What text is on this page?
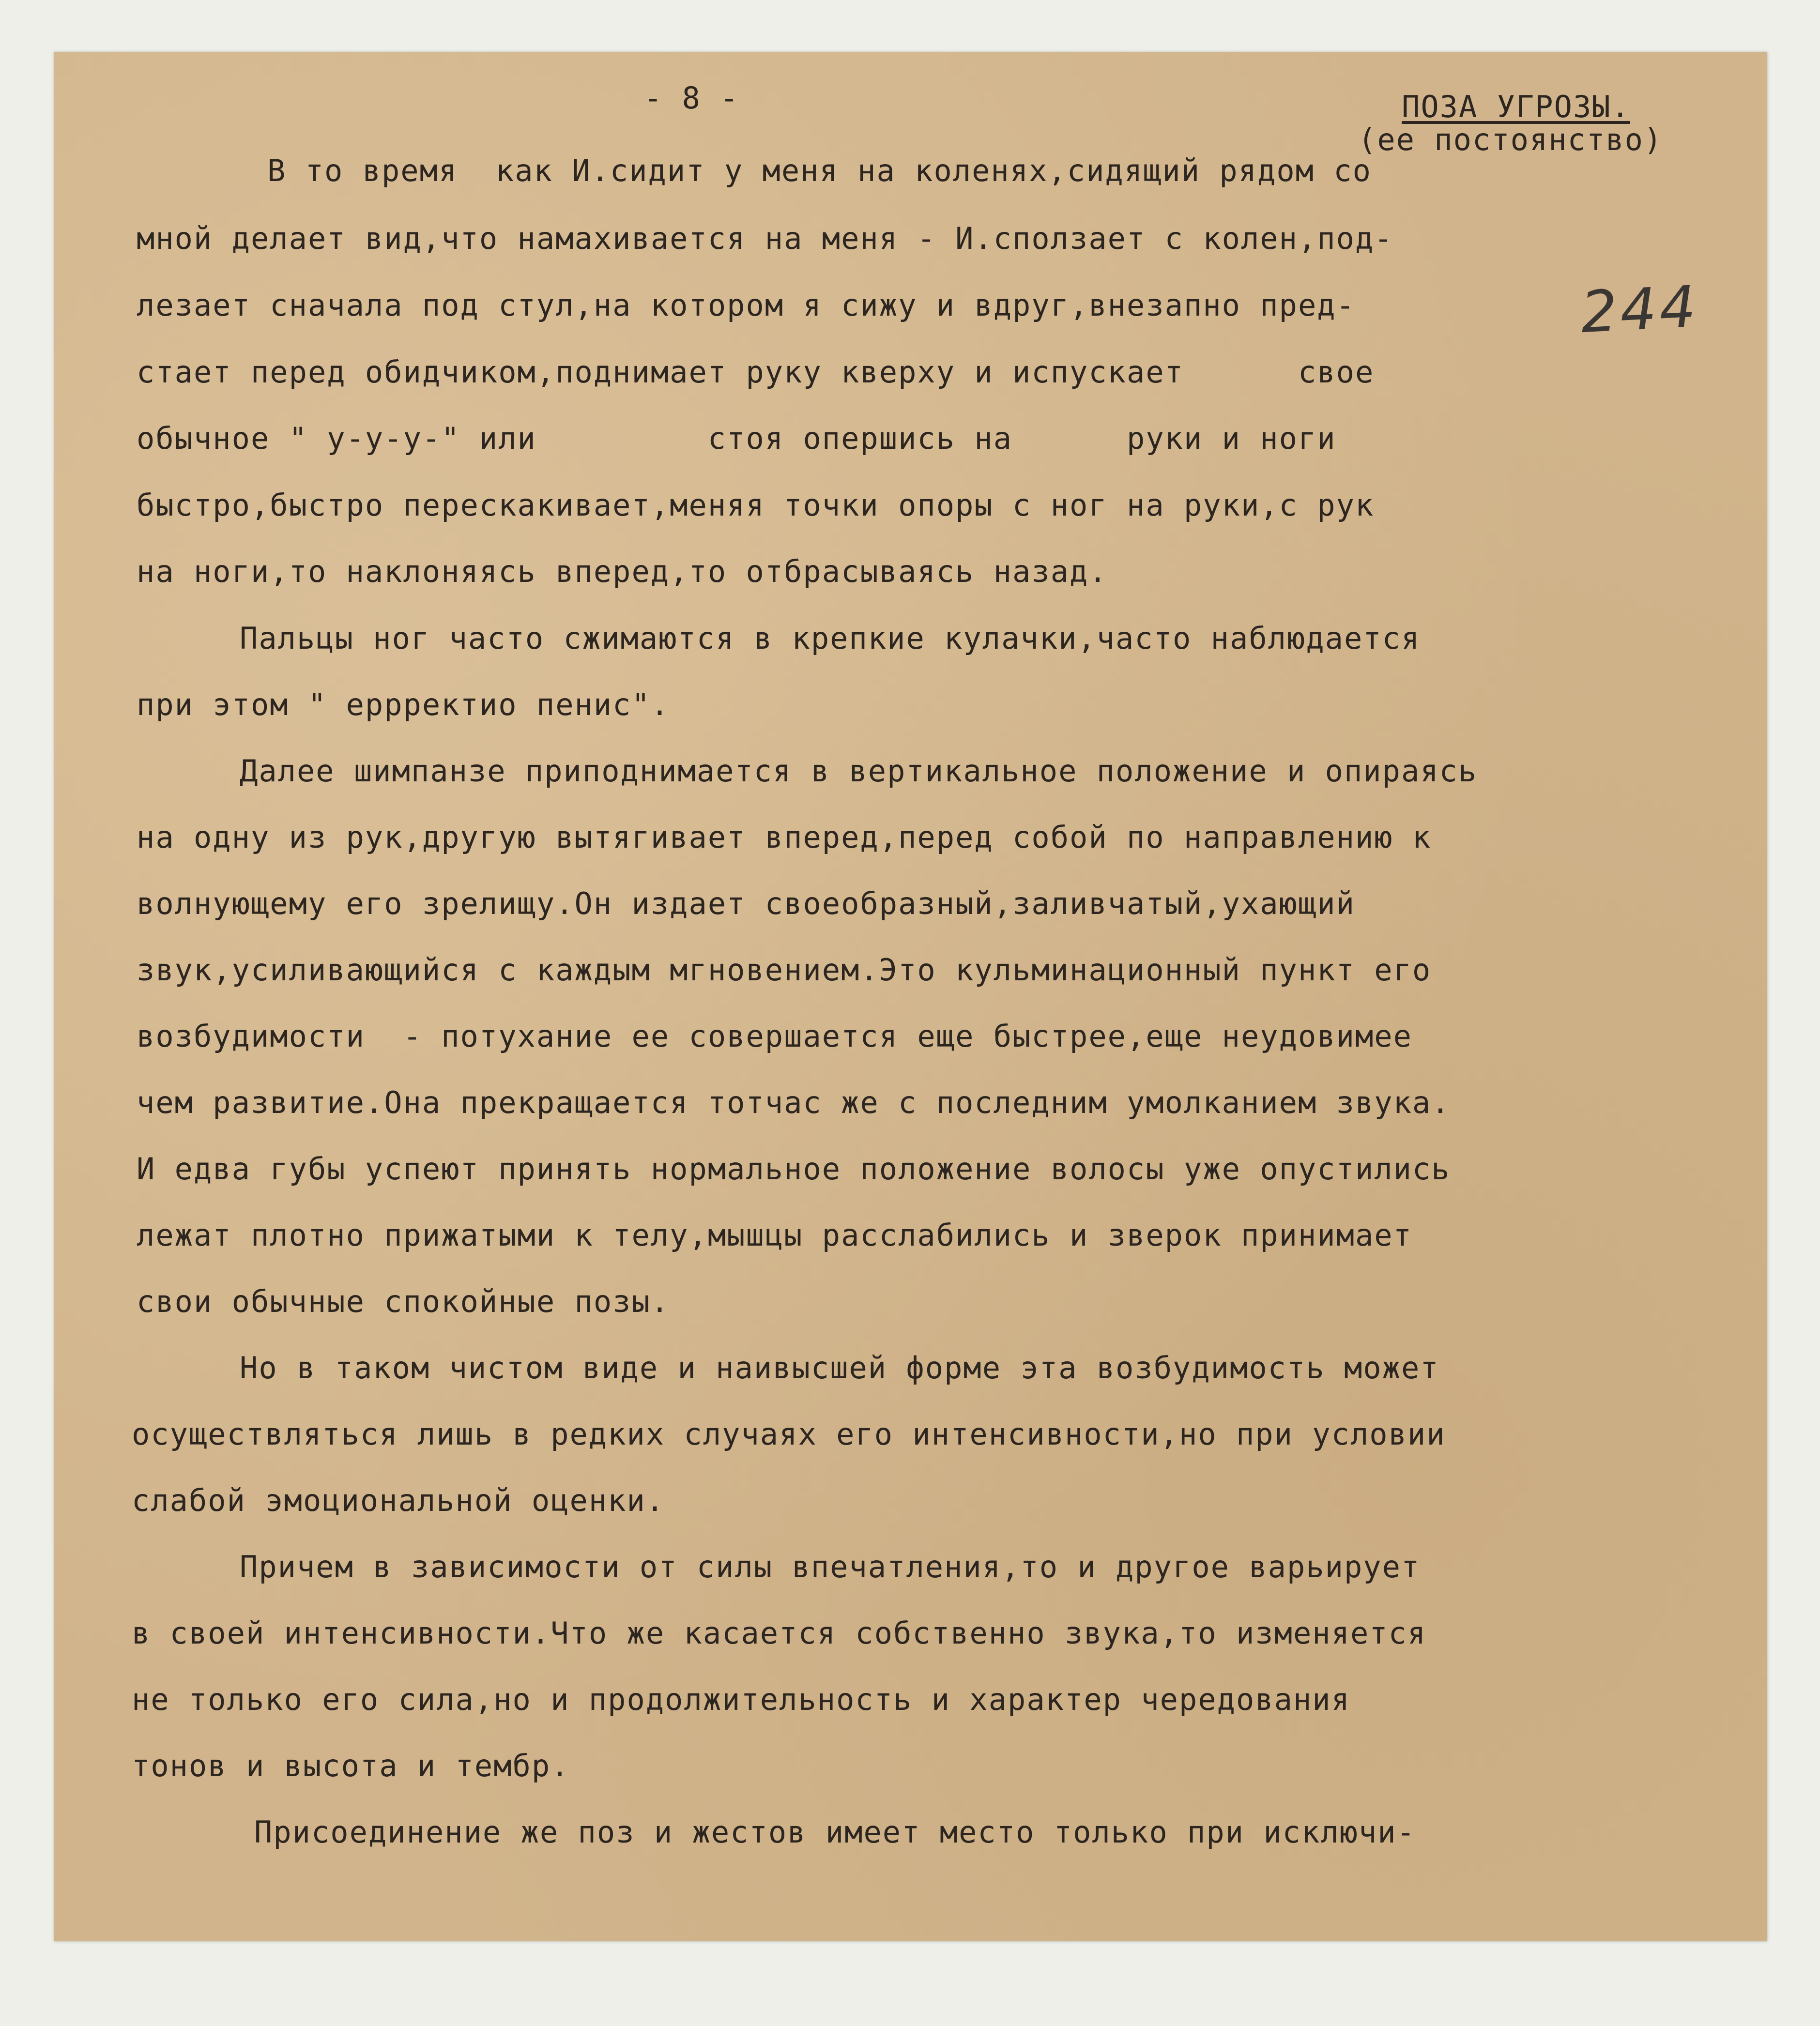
- 8 -	ПОЗА УГРОЗЫ.
(ее постоянство)
244
В то время  как И.сидит у меня на коленях,сидящий рядом со
мной делает вид,что намахивается на меня - И.сползает с колен,под-
лезает сначала под стул,на котором я сижу и вдруг,внезапно пред-
стает перед обидчиком,поднимает руку кверху и испускает      свое
обычное " у-у-у-" или         стоя опершись на      руки и ноги
быстро,быстро перескакивает,меняя точки опоры с ног на руки,с рук
на ноги,то наклоняясь вперед,то отбрасываясь назад.
Пальцы ног часто сжимаются в крепкие кулачки,часто наблюдается
при этом " еррректио пенис".
Далее шимпанзе приподнимается в вертикальное положение и опираясь
на одну из рук,другую вытягивает вперед,перед собой по направлению к
волнующему его зрелищу.Он издает своеобразный,заливчатый,ухающий
звук,усиливающийся с каждым мгновением.Это кульминационный пункт его
возбудимости  - потухание ее совершается еще быстрее,еще неудовимее
чем развитие.Она прекращается тотчас же с последним умолканием звука.
И едва губы успеют принять нормальное положение волосы уже опустились
лежат плотно прижатыми к телу,мышцы расслабились и зверок принимает
свои обычные спокойные позы.
Но в таком чистом виде и наивысшей форме эта возбудимость может
осуществляться лишь в редких случаях его интенсивности,но при условии
слабой эмоциональной оценки.
Причем в зависимости от силы впечатления,то и другое варьирует
в своей интенсивности.Что же касается собственно звука,то изменяется
не только его сила,но и продолжительность и характер чередования
тонов и высота и тембр.
Присоединение же поз и жестов имеет место только при исключи-
